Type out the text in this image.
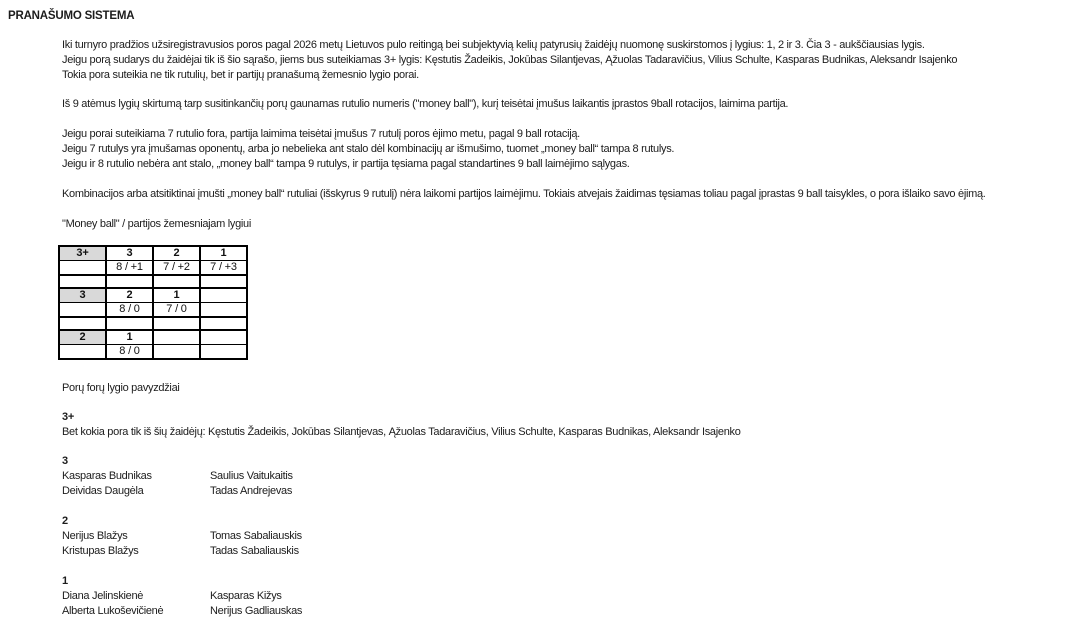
PRANAŠUMO SISTEMA
Iki turnyro pradžios užsiregistravusios poros pagal 2026 metų Lietuvos pulo reitingą bei subjektyvią kelių patyrusių žaidėjų nuomonę suskirstomos į lygius: 1, 2 ir 3. Čia 3 - aukščiausias lygis.
Jeigu porą sudarys du žaidėjai tik iš šio sąrašo, jiems bus suteikiamas 3+ lygis: Kęstutis Žadeikis, Jokūbas Silantjevas, Ąžuolas Tadaravičius, Vilius Schulte, Kasparas Budnikas, Aleksandr Isajenko
Tokia pora suteikia ne tik rutulių, bet ir partijų pranašumą žemesnio lygio porai.
Iš 9 atėmus lygių skirtumą tarp susitinkančių porų gaunamas rutulio numeris ("money ball"), kurį teisėtai įmušus laikantis įprastos 9ball rotacijos, laimima partija.
Jeigu porai suteikiama 7 rutulio fora, partija laimima teisėtai įmušus 7 rutulį poros ėjimo metu, pagal 9 ball rotaciją.
Jeigu 7 rutulys yra įmušamas oponentų, arba jo nebelieka ant stalo dėl kombinacijų ar išmušimo, tuomet „money ball“ tampa 8 rutulys.
Jeigu ir 8 rutulio nebėra ant stalo, „money ball“ tampa 9 rutulys, ir partija tęsiama pagal standartines 9 ball laimėjimo sąlygas.
Kombinacijos arba atsitiktinai įmušti „money ball“ rutuliai (išskyrus 9 rutulį) nėra laikomi partijos laimėjimu. Tokiais atvejais žaidimas tęsiamas toliau pagal įprastas 9 ball taisykles, o pora išlaiko savo ėjimą.
"Money ball" / partijos žemesniajam lygiui
3+	3	2	1
	8 / +1	7 / +2	7 / +3

3	2	1	
	8 / 0	7 / 0	

2	1		
	8 / 0		
Porų forų lygio pavyzdžiai
3+
Bet kokia pora tik iš šių žaidėjų: Kęstutis Žadeikis, Jokūbas Silantjevas, Ąžuolas Tadaravičius, Vilius Schulte, Kasparas Budnikas, Aleksandr Isajenko
3
Kasparas Budnikas	Saulius Vaitukaitis
Deividas Daugėla	Tadas Andrejevas
2
Nerijus Blažys	Tomas Sabaliauskis
Kristupas Blažys	Tadas Sabaliauskis
1
Diana Jelinskienė	Kasparas Kižys
Alberta Lukoševičienė	Nerijus Gadliauskas
